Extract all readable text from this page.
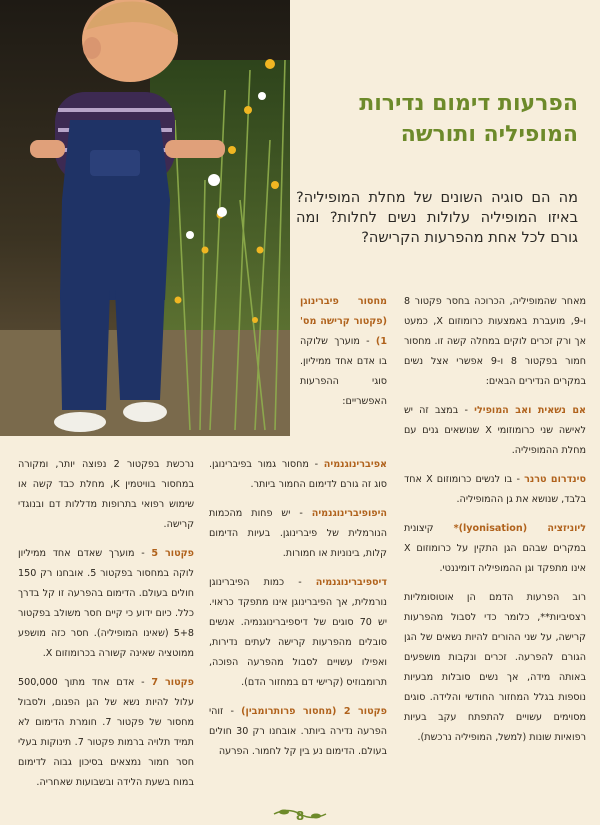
הפרעות דימום נדירות
המופיליה ותורשה

מה הם סוגיה השונים של מחלת המופיליה? באיזו המופיליה עלולות נשים לחלות? ומה גורם לכל אחת מהפרעות הקרישה?

מאחר שהמופיליה, הכרוכה בחסר פקטור 8 ו-9, מועברת באמצעות כרומוזום X, כמעט אך ורק זכרים לוקים במחלה קשה זו. מחסור חמור בפקטור 8 ו-9 אפשרי אצל נשים במקרים הנדירים הבאים:

אם נשאית ואב המופילי - במצב זה יש לאישה שני כרומוזומי X שנושאים גנים עם מחלת ההמופיליה.

סינדרום טרנר - בו לנשים כרומוזום X אחד בלבד, שנושא את גן ההמופיליה.

ליוניזציה (lyonisation)* קיצונית במקרים שבהם הגן התקין על כרומוזום X אינו מתפקד וגן ההמופיליה דומיננטי.

רוב הפרעות הדמם הן אוטוסומליות רצסיביות**, כלומר כדי לסבול מהפרעות קרישה, על שני ההורים להיות נשאים של הגן הגורם להפרעה. זכרים ונקבות מושפעים באותה מידה, אך נשים סובלות מבעיות נוספות בגלל המחזור החודשי והלידה. סוגים מסוימים עשויים להתפתח עקב בעיות רפואיות שונות (למשל, המופיליה נרכשת).

מחסור פיברינוגן (פקטור קרישה מס' 1) - מוערך שלוקה בו אדם אחד ממיליון. סוגי ההפרעות האפשריים:

אפיברינוגנמיה - מחסור גמור בפיברינוגן. סוג זה גורם לדימום החמור ביותר.

היפופיברינוגנמיה - יש פחות מהכמות הנורמלית של פיברינוגן. בעיות הדימום קלות, בינוניות או חמורות.

דיספיברינוגנמיה - כמות הפיברינוגן נורמלית, אך הפיברינוגן אינו מתפקד כראוי. יש 70 סוגים של דיספיברינוגנמיה. אנשים סובלים מהפרעות קרישה לעתים נדירות, ואפילו עשויים לסבול מהפרעה הפוכה, תרומבוזיס (קרישי דם במחזור הדם).

פקטור 2 (מחסור פרותרומבין) - זוהי הפרעה נדירה ביותר. אובחנו רק 30 חולים בעולם. הדימום נע בין קל לחמור. הפרעה

נרכשת בפקטור 2 נפוצה יותר, ומקורה במחסור בוויטמין K, מחלת כבד קשה או שימוש רפואי בתרופות מדללות דם ובנוגדי קרישה.

פקטור 5 - מוערך שאדם אחד ממיליון לוקה במחסור בפקטור 5. אובחנו רק 150 חולים בעולם. הדימום בהפרעה זו קל בדרך כלל. כיום ידוע כי קיים חסר משולב בפקטור 5+8 (שאינו המופיליה). חסר כזה מושפע ממוטציה שאינה קשורה בכרומוזום X.

פקטור 7 - אדם אחד מתוך 500,000 עלול להיות נשא של הגן הפגום, ולסבול מחסור של פקטור 7. חומרת הדימום לא תמיד תלויה ברמות פקטור 7. תינוקות בעלי חסר חמור נמצאים בסיכון גבוה לדימום במוח בשעת הלידה ובשבועות שאחריה.

8
